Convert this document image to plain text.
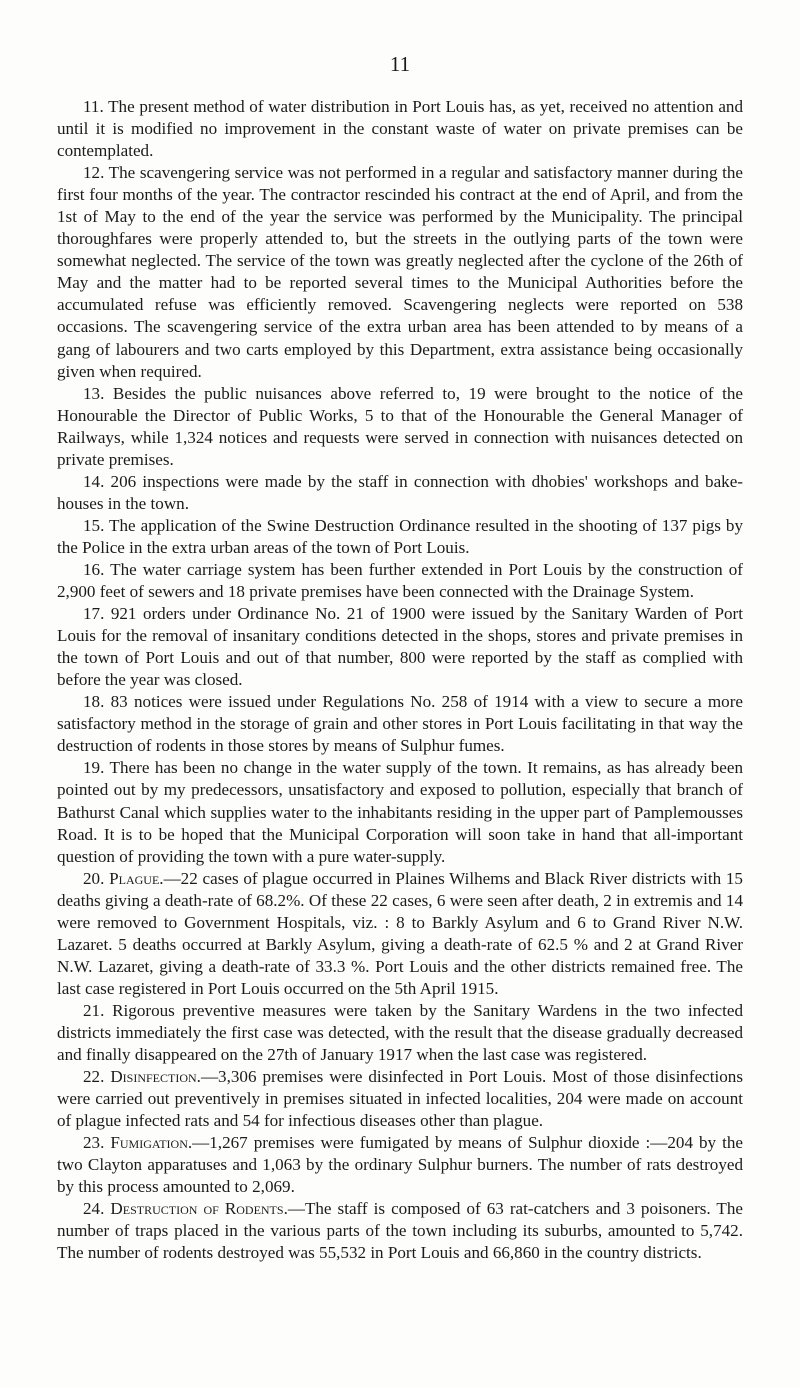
11

11. The present method of water distribution in Port Louis has, as yet, received no attention and until it is modified no improvement in the constant waste of water on private premises can be contemplated.

12. The scavengering service was not performed in a regular and satisfactory manner during the first four months of the year. The contractor rescinded his contract at the end of April, and from the 1st of May to the end of the year the service was performed by the Municipality. The principal thoroughfares were properly attended to, but the streets in the outlying parts of the town were somewhat neglected. The service of the town was greatly neglected after the cyclone of the 26th of May and the matter had to be reported several times to the Municipal Authorities before the accumulated refuse was efficiently removed. Scavengering neglects were reported on 538 occasions. The scavengering service of the extra urban area has been attended to by means of a gang of labourers and two carts employed by this Department, extra assistance being occasionally given when required.

13. Besides the public nuisances above referred to, 19 were brought to the notice of the Honourable the Director of Public Works, 5 to that of the Honourable the General Manager of Railways, while 1,324 notices and requests were served in connection with nuisances detected on private premises.

14. 206 inspections were made by the staff in connection with dhobies' workshops and bake-houses in the town.

15. The application of the Swine Destruction Ordinance resulted in the shooting of 137 pigs by the Police in the extra urban areas of the town of Port Louis.

16. The water carriage system has been further extended in Port Louis by the construction of 2,900 feet of sewers and 18 private premises have been connected with the Drainage System.

17. 921 orders under Ordinance No. 21 of 1900 were issued by the Sanitary Warden of Port Louis for the removal of insanitary conditions detected in the shops, stores and private premises in the town of Port Louis and out of that number, 800 were reported by the staff as complied with before the year was closed.

18. 83 notices were issued under Regulations No. 258 of 1914 with a view to secure a more satisfactory method in the storage of grain and other stores in Port Louis facilitating in that way the destruction of rodents in those stores by means of Sulphur fumes.

19. There has been no change in the water supply of the town. It remains, as has already been pointed out by my predecessors, unsatisfactory and exposed to pollution, especially that branch of Bathurst Canal which supplies water to the inhabitants residing in the upper part of Pamplemousses Road. It is to be hoped that the Municipal Corporation will soon take in hand that all-important question of providing the town with a pure water-supply.

20. Plague.—22 cases of plague occurred in Plaines Wilhems and Black River districts with 15 deaths giving a death-rate of 68.2%. Of these 22 cases, 6 were seen after death, 2 in extremis and 14 were removed to Government Hospitals, viz. : 8 to Barkly Asylum and 6 to Grand River N.W. Lazaret. 5 deaths occurred at Barkly Asylum, giving a death-rate of 62.5 % and 2 at Grand River N.W. Lazaret, giving a death-rate of 33.3 %. Port Louis and the other districts remained free. The last case registered in Port Louis occurred on the 5th April 1915.

21. Rigorous preventive measures were taken by the Sanitary Wardens in the two infected districts immediately the first case was detected, with the result that the disease gradually decreased and finally disappeared on the 27th of January 1917 when the last case was registered.

22. Disinfection.—3,306 premises were disinfected in Port Louis. Most of those disinfections were carried out preventively in premises situated in infected localities, 204 were made on account of plague infected rats and 54 for infectious diseases other than plague.

23. Fumigation.—1,267 premises were fumigated by means of Sulphur dioxide :—204 by the two Clayton apparatuses and 1,063 by the ordinary Sulphur burners. The number of rats destroyed by this process amounted to 2,069.

24. Destruction of Rodents.—The staff is composed of 63 rat-catchers and 3 poisoners. The number of traps placed in the various parts of the town including its suburbs, amounted to 5,742. The number of rodents destroyed was 55,532 in Port Louis and 66,860 in the country districts.
